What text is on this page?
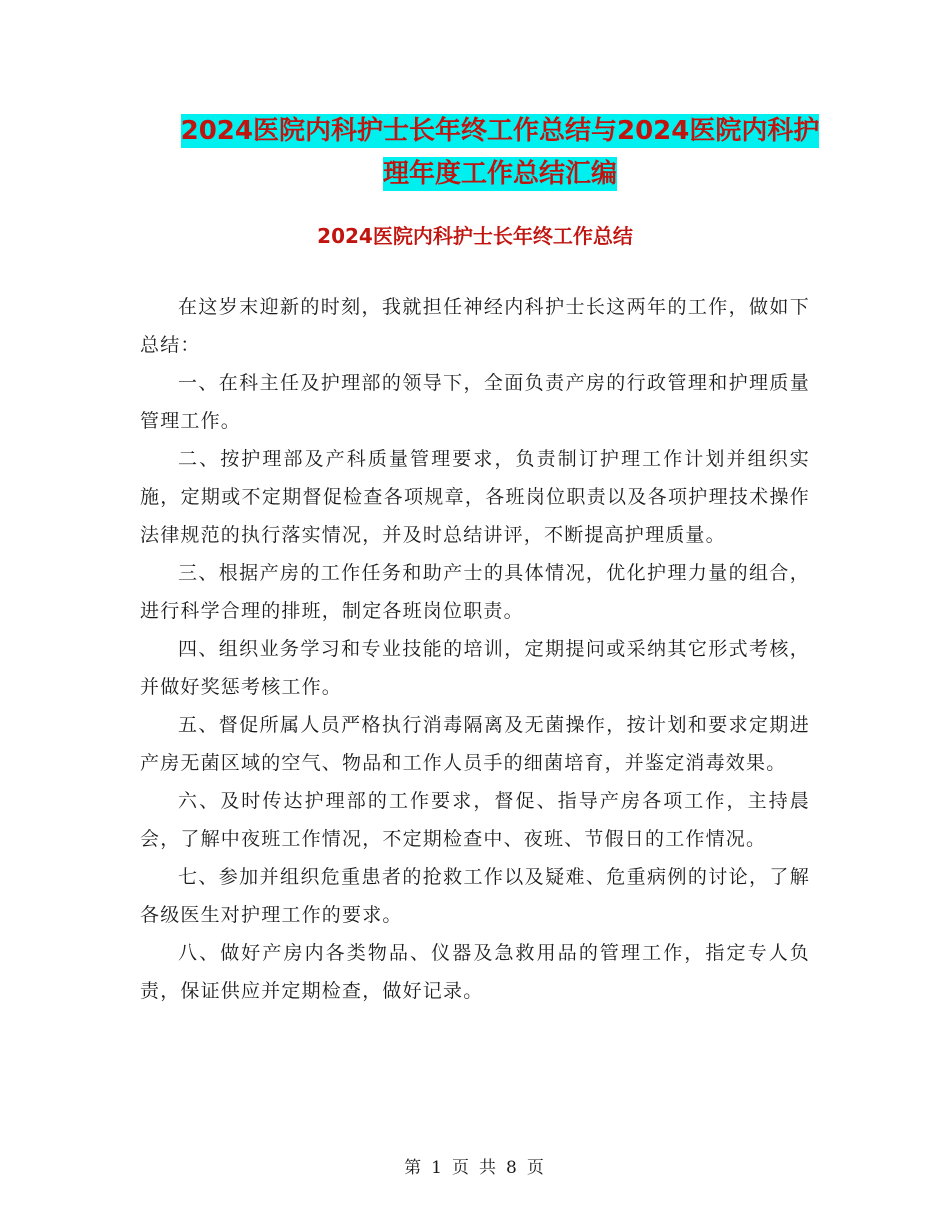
2024医院内科护士长年终工作总结与2024医院内科护
理年度工作总结汇编
2024医院内科护士长年终工作总结

在这岁末迎新的时刻，我就担任神经内科护士长这两年的工作，做如下总结：

一、在科主任及护理部的领导下，全面负责产房的行政管理和护理质量管理工作。

二、按护理部及产科质量管理要求，负责制订护理工作计划并组织实施，定期或不定期督促检查各项规章，各班岗位职责以及各项护理技术操作法律规范的执行落实情况，并及时总结讲评，不断提高护理质量。

三、根据产房的工作任务和助产士的具体情况，优化护理力量的组合，进行科学合理的排班，制定各班岗位职责。

四、组织业务学习和专业技能的培训，定期提问或采纳其它形式考核，并做好奖惩考核工作。

五、督促所属人员严格执行消毒隔离及无菌操作，按计划和要求定期进产房无菌区域的空气、物品和工作人员手的细菌培育，并鉴定消毒效果。

六、及时传达护理部的工作要求，督促、指导产房各项工作，主持晨会，了解中夜班工作情况，不定期检查中、夜班、节假日的工作情况。

七、参加并组织危重患者的抢救工作以及疑难、危重病例的讨论，了解各级医生对护理工作的要求。

八、做好产房内各类物品、仪器及急救用品的管理工作，指定专人负责，保证供应并定期检查，做好记录。

第 1 页 共 8 页
